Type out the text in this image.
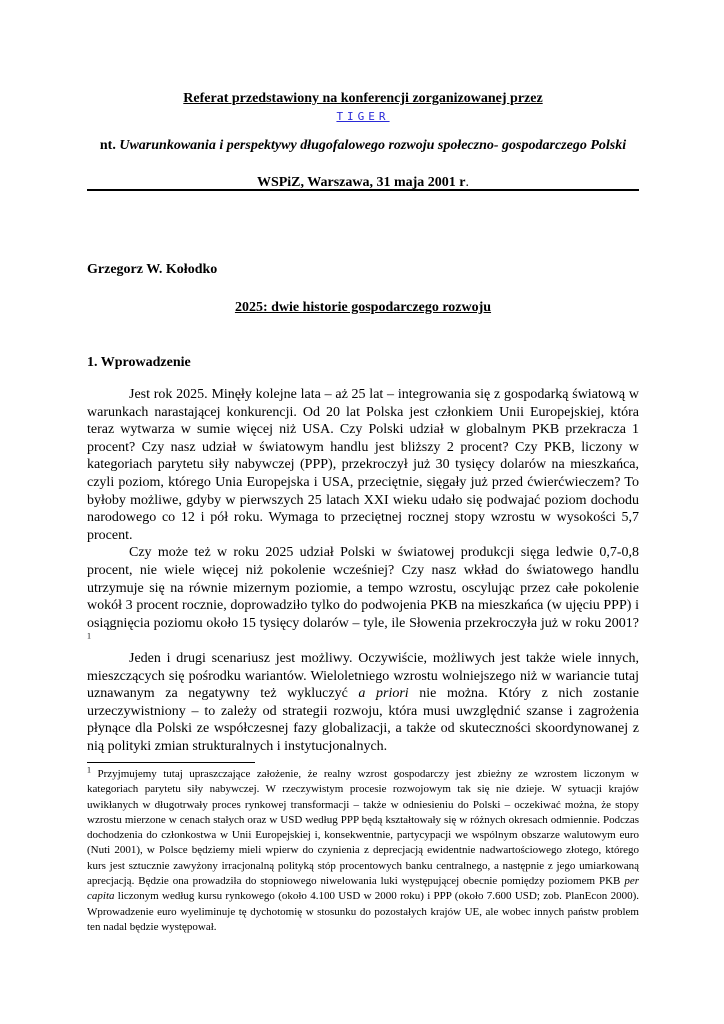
Referat przedstawiony na konferencji zorganizowanej przez
TIGER
nt. Uwarunkowania i perspektywy długofalowego rozwoju społeczno- gospodarczego Polski
WSPiZ, Warszawa, 31 maja 2001 r.
Grzegorz W. Kołodko
2025: dwie historie gospodarczego rozwoju
1. Wprowadzenie

Jest rok 2025. Minęły kolejne lata – aż 25 lat – integrowania się z gospodarką światową w warunkach narastającej konkurencji. Od 20 lat Polska jest członkiem Unii Europejskiej, która teraz wytwarza w sumie więcej niż USA. Czy Polski udział w globalnym PKB przekracza 1 procent? Czy nasz udział w światowym handlu jest bliższy 2 procent? Czy PKB, liczony w kategoriach parytetu siły nabywczej (PPP), przekroczył już 30 tysięcy dolarów na mieszkańca, czyli poziom, którego Unia Europejska i USA, przeciętnie, sięgały już przed ćwierćwieczem? To byłoby możliwe, gdyby w pierwszych 25 latach XXI wieku udało się podwajać poziom dochodu narodowego co 12 i pół roku. Wymaga to przeciętnej rocznej stopy wzrostu w wysokości 5,7 procent.

Czy może też w roku 2025 udział Polski w światowej produkcji sięga ledwie 0,7-0,8 procent, nie wiele więcej niż pokolenie wcześniej? Czy nasz wkład do światowego handlu utrzymuje się na równie mizernym poziomie, a tempo wzrostu, oscylując przez całe pokolenie wokół 3 procent rocznie, doprowadziło tylko do podwojenia PKB na mieszkańca (w ujęciu PPP) i osiągnięcia poziomu około 15 tysięcy dolarów – tyle, ile Słowenia przekroczyła już w roku 2001?$^1$

Jeden i drugi scenariusz jest możliwy. Oczywiście, możliwych jest także wiele innych, mieszczących się pośrodku wariantów. Wieloletniego wzrostu wolniejszego niż w wariancie tutaj uznawanym za negatywny też wykluczyć a priori nie można. Który z nich zostanie urzeczywistniony – to zależy od strategii rozwoju, która musi uwzględnić szanse i zagrożenia płynące dla Polski ze współczesnej fazy globalizacji, a także od skuteczności skoordynowanej z nią polityki zmian strukturalnych i instytucjonalnych.

$^1$ Przyjmujemy tutaj upraszczające założenie, że realny wzrost gospodarczy jest zbieżny ze wzrostem liczonym w kategoriach parytetu siły nabywczej. W rzeczywistym procesie rozwojowym tak się nie dzieje. W sytuacji krajów uwikłanych w długotrwały proces rynkowej transformacji – także w odniesieniu do Polski – oczekiwać można, że stopy wzrostu mierzone w cenach stałych oraz w USD według PPP będą kształtowały się w różnych okresach odmiennie. Podczas dochodzenia do członkostwa w Unii Europejskiej i, konsekwentnie, partycypacji we wspólnym obszarze walutowym euro (Nuti 2001), w Polsce będziemy mieli wpierw do czynienia z deprecjacją ewidentnie nadwartościowego złotego, którego kurs jest sztucznie zawyżony irracjonalną polityką stóp procentowych banku centralnego, a następnie z jego umiarkowaną aprecjacją. Będzie ona prowadziła do stopniowego niwelowania luki występującej obecnie pomiędzy poziomem PKB per capita liczonym według kursu rynkowego (około 4.100 USD w 2000 roku) i PPP (około 7.600 USD; zob. PlanEcon 2000). Wprowadzenie euro wyeliminuje tę dychotomię w stosunku do pozostałych krajów UE, ale wobec innych państw problem ten nadal będzie występował.
